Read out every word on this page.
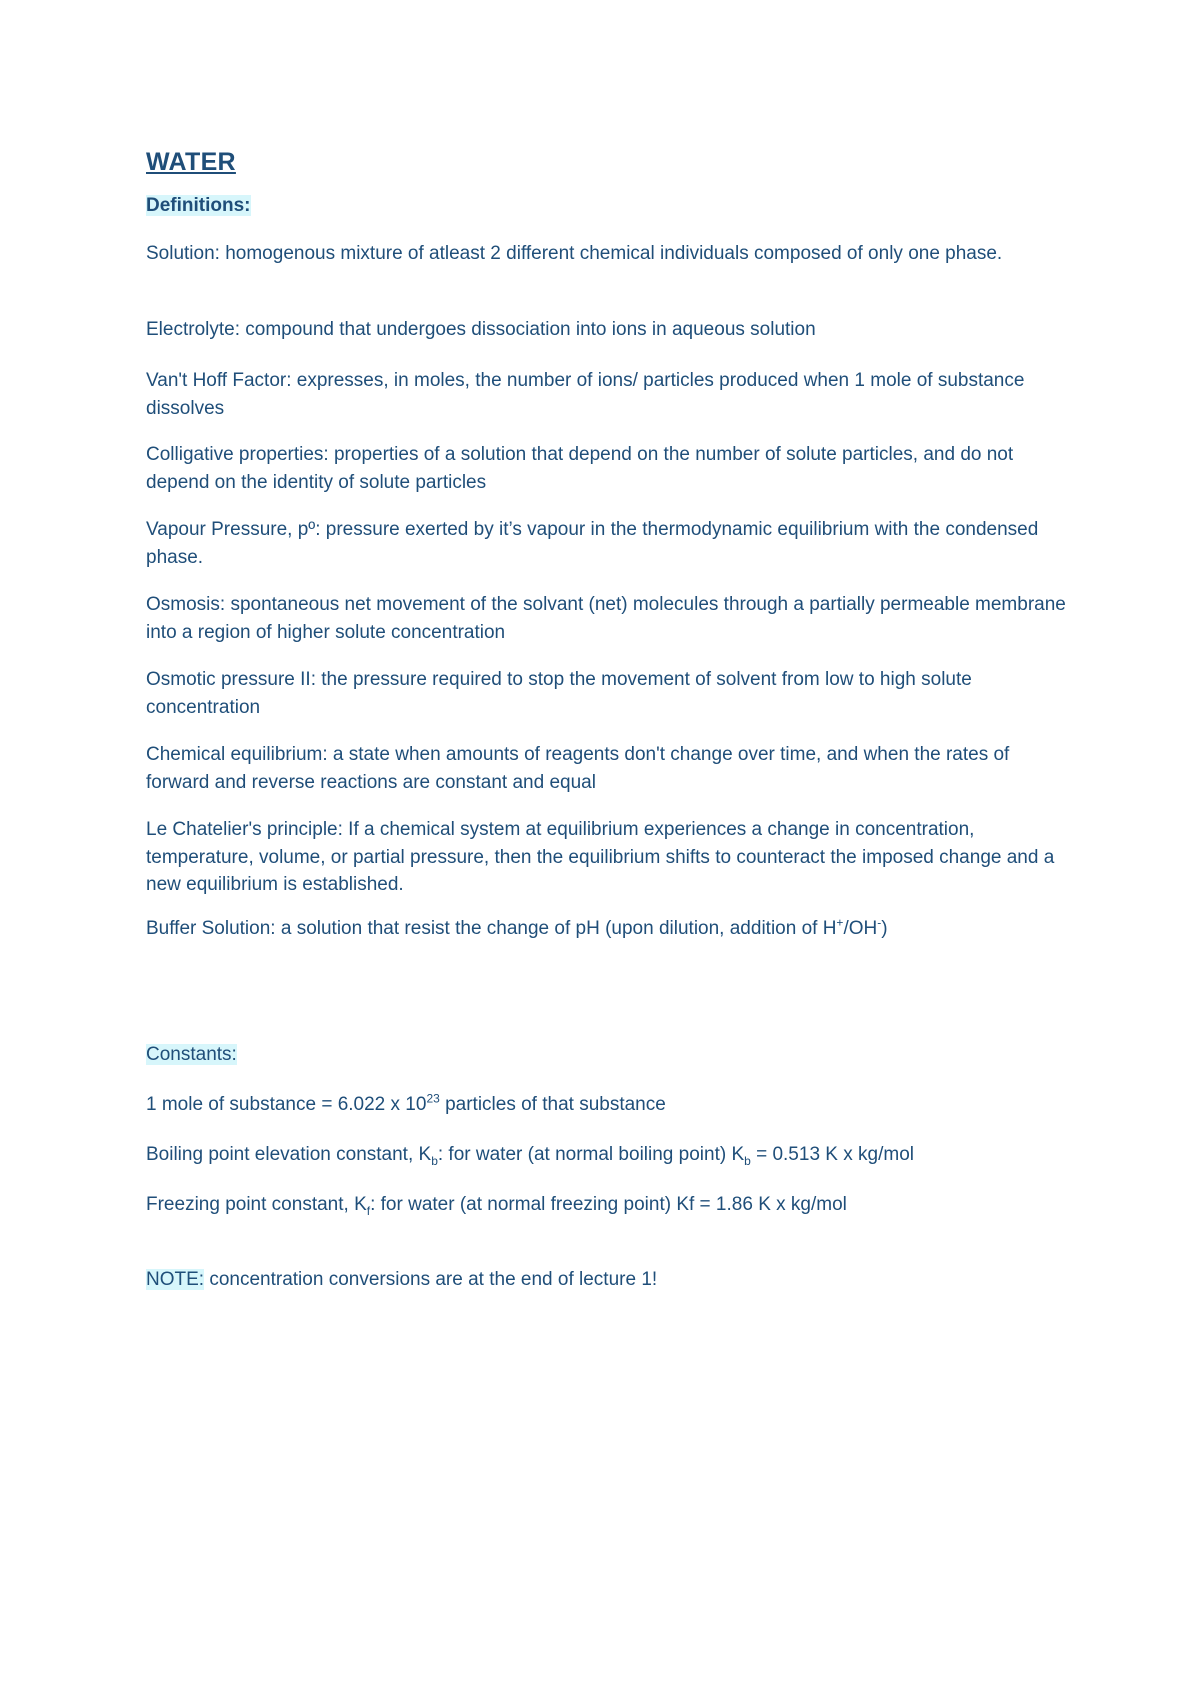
WATER

Definitions:

Solution: homogenous mixture of atleast 2 different chemical individuals composed of only one phase.

Electrolyte: compound that undergoes dissociation into ions in aqueous solution

Van't Hoff Factor: expresses, in moles, the number of ions/ particles produced when 1 mole of substance dissolves

Colligative properties: properties of a solution that depend on the number of solute particles, and do not depend on the identity of solute particles

Vapour Pressure, pº: pressure exerted by it’s vapour in the thermodynamic equilibrium with the condensed phase.

Osmosis: spontaneous net movement of the solvant (net) molecules through a partially permeable membrane into a region of higher solute concentration

Osmotic pressure II: the pressure required to stop the movement of solvent from low to high solute concentration

Chemical equilibrium: a state when amounts of reagents don't change over time, and when the rates of forward and reverse reactions are constant and equal

Le Chatelier's principle: If a chemical system at equilibrium experiences a change in concentration, temperature, volume, or partial pressure, then the equilibrium shifts to counteract the imposed change and a new equilibrium is established.

Buffer Solution: a solution that resist the change of pH (upon dilution, addition of H+/OH-)

Constants:

1 mole of substance = 6.022 x $10^{23}$ particles of that substance

Boiling point elevation constant, $K_b$: for water (at normal boiling point) $K_b = 0.513$ K x kg/mol

Freezing point constant, $K_f$: for water (at normal freezing point) Kf = 1.86 K x kg/mol

NOTE: concentration conversions are at the end of lecture 1!
